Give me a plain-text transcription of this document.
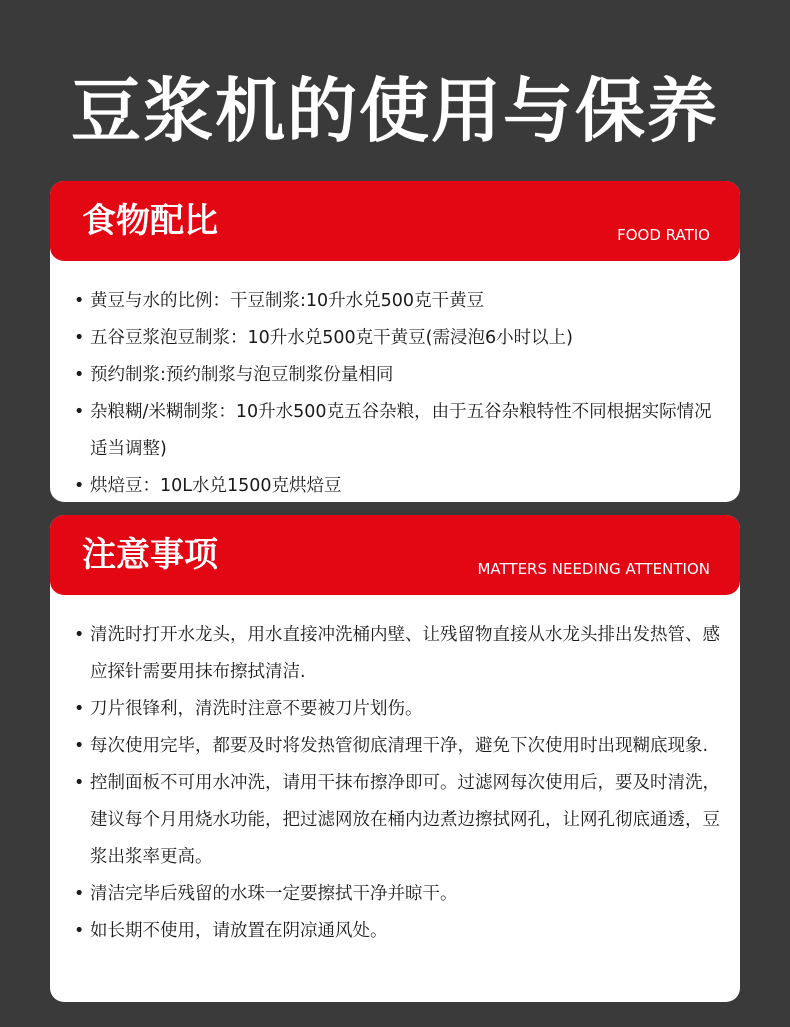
豆浆机的使用与保养
食物配比	FOOD RATIO
• 黄豆与水的比例：干豆制浆:10升水兑500克干黄豆
• 五谷豆浆泡豆制浆：10升水兑500克干黄豆(需浸泡6小时以上)
• 预约制浆:预约制浆与泡豆制浆份量相同
• 杂粮糊/米糊制浆：10升水500克五谷杂粮，由于五谷杂粮特性不同根据实际情况适当调整)
• 烘焙豆：10L水兑1500克烘焙豆
注意事项	MATTERS NEEDING ATTENTION
• 清洗时打开水龙头，用水直接冲洗桶内壁、让残留物直接从水龙头排出发热管、感应探针需要用抹布擦拭清洁.
• 刀片很锋利，清洗时注意不要被刀片划伤。
• 每次使用完毕，都要及时将发热管彻底清理干净，避免下次使用时出现糊底现象.
• 控制面板不可用水冲洗，请用干抹布擦净即可。过滤网每次使用后，要及时清洗，建议每个月用烧水功能，把过滤网放在桶内边煮边擦拭网孔，让网孔彻底通透，豆浆出浆率更高。
• 清洁完毕后残留的水珠一定要擦拭干净并晾干。
• 如长期不使用，请放置在阴凉通风处。
